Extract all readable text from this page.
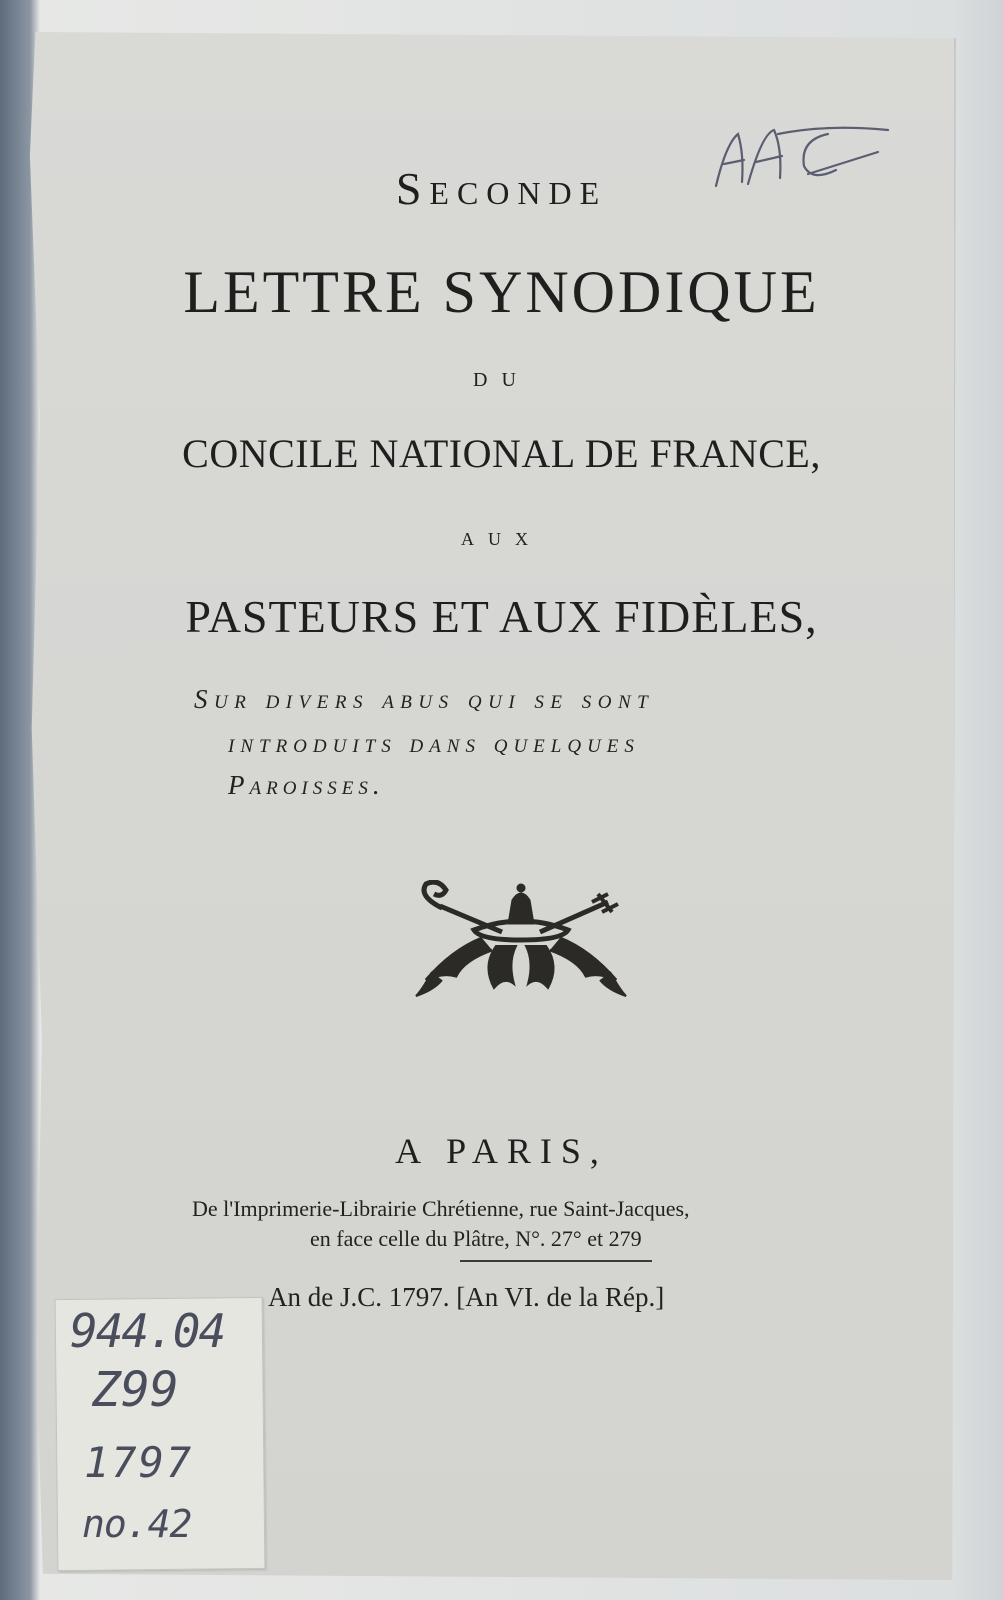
Seconde
LETTRE SYNODIQUE
du
CONCILE NATIONAL DE FRANCE,
aux
PASTEURS ET AUX FIDÈLES,
Sur divers abus qui se sont
introduits dans quelques
Paroisses.
A PARIS,
De l'Imprimerie-Librairie Chrétienne, rue Saint-Jacques,
en face celle du Plâtre, N°. 27° et 279
An de J.C. 1797. [An VI. de la Rép.]
944.04
Z99
1797
no.42
